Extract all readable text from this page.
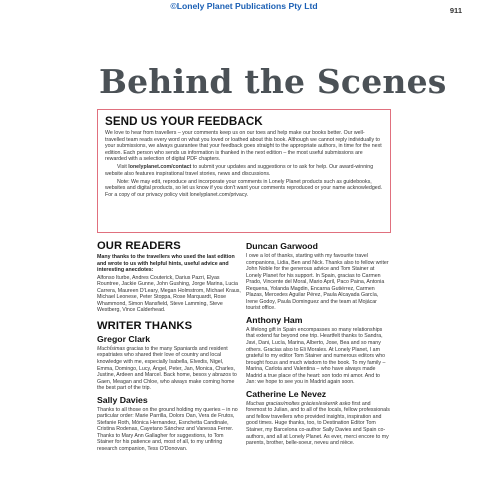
©Lonely Planet Publications Pty Ltd	911
Behind the Scenes
SEND US YOUR FEEDBACK

We love to hear from travellers – your comments keep us on our toes and help make our books better. Our well-travelled team reads every word on what you loved or loathed about this book. Although we cannot reply individually to your submissions, we always guarantee that your feedback goes straight to the appropriate authors, in time for the next edition. Each person who sends us information is thanked in the next edition – the most useful submissions are rewarded with a selection of digital PDF chapters.

Visit lonelyplanet.com/contact to submit your updates and suggestions or to ask for help. Our award-winning website also features inspirational travel stories, news and discussions.

Note: We may edit, reproduce and incorporate your comments in Lonely Planet products such as guidebooks, websites and digital products, so let us know if you don't want your comments reproduced or your name acknowledged. For a copy of our privacy policy visit lonelyplanet.com/privacy.

OUR READERS

Many thanks to the travellers who used the last edition and wrote to us with helpful hints, useful advice and interesting anecdotes:

Alfonso Iturbe, Andres Couterick, Darius Pazri, Elyas Rountree, Jackie Gunne, John Gushing, Jorge Marina, Lucia Carrera, Maureen D'Leary, Megan Holmstrom, Michael Kraus, Michael Leonese, Peter Stoppa, Rose Marquardt, Rose Whammond, Simon Mansfield, Steve Lamming, Steve Westberg, Vince Calderhead.

WRITER THANKS
Gregor Clark

MuchÍsimas gracias to the many Spaniards and resident expatriates who shared their love of country and local knowledge with me, especially Isabella, Elvedis, Nigel, Emma, Domingo, Lucy, Ángel, Peter, Jan, Monica, Charles, Justine, Ardeen and Marcel. Back home, besos y abrazos to Gaen, Meagan and Chloe, who always make coming home the best part of the trip.

Sally Davies

Thanks to all those on the ground holding my queries – in no particular order: Marie Parrilla, Dolors Oan, Vera de Frutos, Stefanie Roth, Mónica Hernandez, Esnchetta Candinale, Cristina Rodenas, Cayetano Sánchez and Vanessa Ferrer. Thanks to Mary Ann Gallagher for suggestions, to Tom Stainer for his patience and, most of all, to my unfiring research companion, Tess O'Donovan.

Duncan Garwood

I owe a lot of thanks, starting with my favourite travel companions, Lidia, Ben and Nick. Thanks also to fellow writer John Noble for the generous advice and Tom Stainer at Lonely Planet for his support. In Spain, gracias to Carmen Prado, Vincente del Moral, Mario April, Paco Paina, Antonia Requena, Yolanda Magdin, Encarna Gutiérrez, Carmen Plazas, Mercedes Aguilar Pérez, Paula Alcayada García, Irene Godoy, Paula Dominguez and the team at Mojácar tourist office.

Anthony Ham

A lifelong gift in Spain encompasses so many relationships that extend far beyond one trip. Heartfelt thanks to Sandra, Javi, Dani, Lucía, Marina, Alberto, Jose, Bea and so many others. Gracias also to Eli Morales. At Lonely Planet, I am grateful to my editor Tom Stainer and numerous editors who brought focus and much wisdom to the book. To my family – Marina, Carlota and Valentina – who have always made Madrid a true place of the heart: son todo mi amor. And to Jan: we hope to see you in Madrid again soon.

Catherine Le Nevez

Muchas gracias/moltes gràcies/eskerrik asko first and foremost to Julian, and to all of the locals, fellow professionals and fellow travellers who provided insights, inspiration and good times. Huge thanks, too, to Destination Editor Tom Stainer, my Barcelona co-author Sally Davies and Spain co-authors, and all at Lonely Planet. As ever, merci encore to my parents, brother, belle-soeur, neveu and nièce.
